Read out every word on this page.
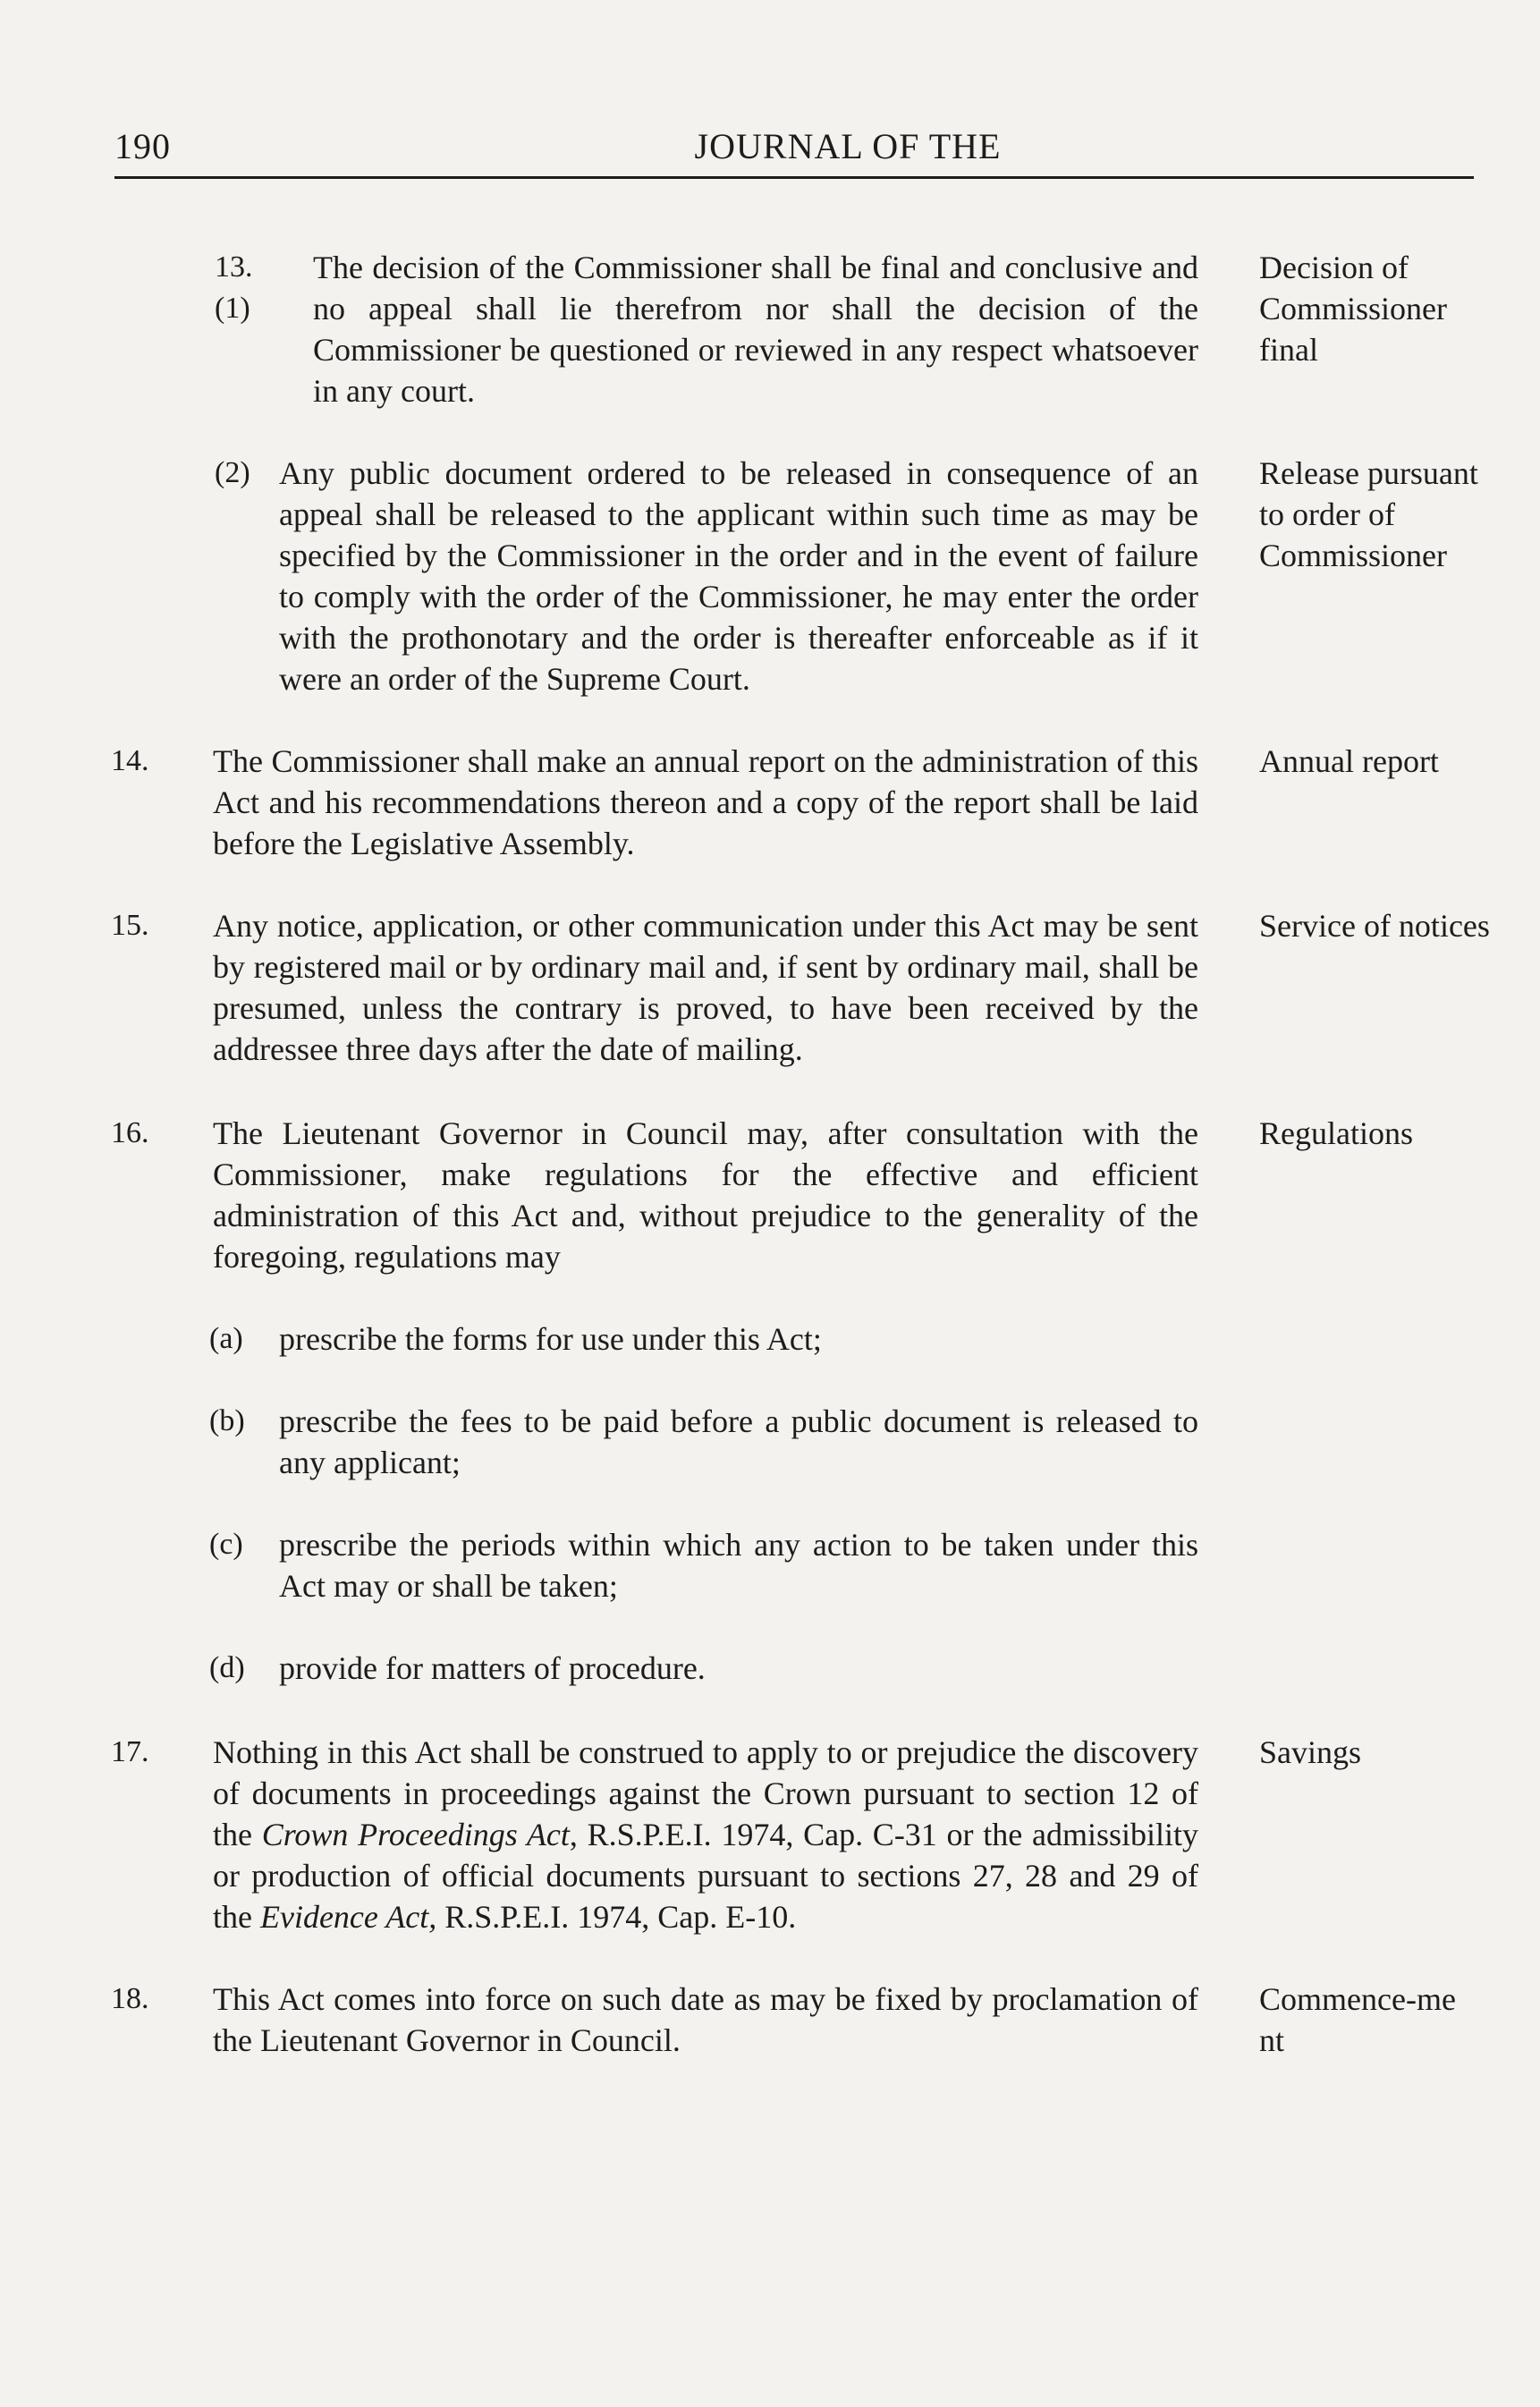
190	JOURNAL OF THE
13.(1)
The decision of the Commissioner shall be final and conclusive and no appeal shall lie therefrom nor shall the decision of the Commissioner be questioned or reviewed in any respect whatsoever in any court.
Decision of Commissioner final
(2) Any public document ordered to be released in consequence of an appeal shall be released to the applicant within such time as may be specified by the Commissioner in the order and in the event of failure to comply with the order of the Commissioner, he may enter the order with the prothonotary and the order is thereafter enforceable as if it were an order of the Supreme Court.
Release pursuant to order of Commissioner
14. The Commissioner shall make an annual report on the administration of this Act and his recommendations thereon and a copy of the report shall be laid before the Legislative Assembly.
Annual report
15. Any notice, application, or other communication under this Act may be sent by registered mail or by ordinary mail and, if sent by ordinary mail, shall be presumed, unless the contrary is proved, to have been received by the addressee three days after the date of mailing.
Service of notices
16. The Lieutenant Governor in Council may, after consultation with the Commissioner, make regulations for the effective and efficient administration of this Act and, without prejudice to the generality of the foregoing, regulations may
Regulations
(a) prescribe the forms for use under this Act;
(b) prescribe the fees to be paid before a public document is released to any applicant;
(c) prescribe the periods within which any action to be taken under this Act may or shall be taken;
(d) provide for matters of procedure.
17. Nothing in this Act shall be construed to apply to or prejudice the discovery of documents in proceedings against the Crown pursuant to section 12 of the Crown Proceedings Act, R.S.P.E.I. 1974, Cap. C-31 or the admissibility or production of official documents pursuant to sections 27, 28 and 29 of the Evidence Act, R.S.P.E.I. 1974, Cap. E-10.
Savings
18. This Act comes into force on such date as may be fixed by proclamation of the Lieutenant Governor in Council.
Commence-ment
